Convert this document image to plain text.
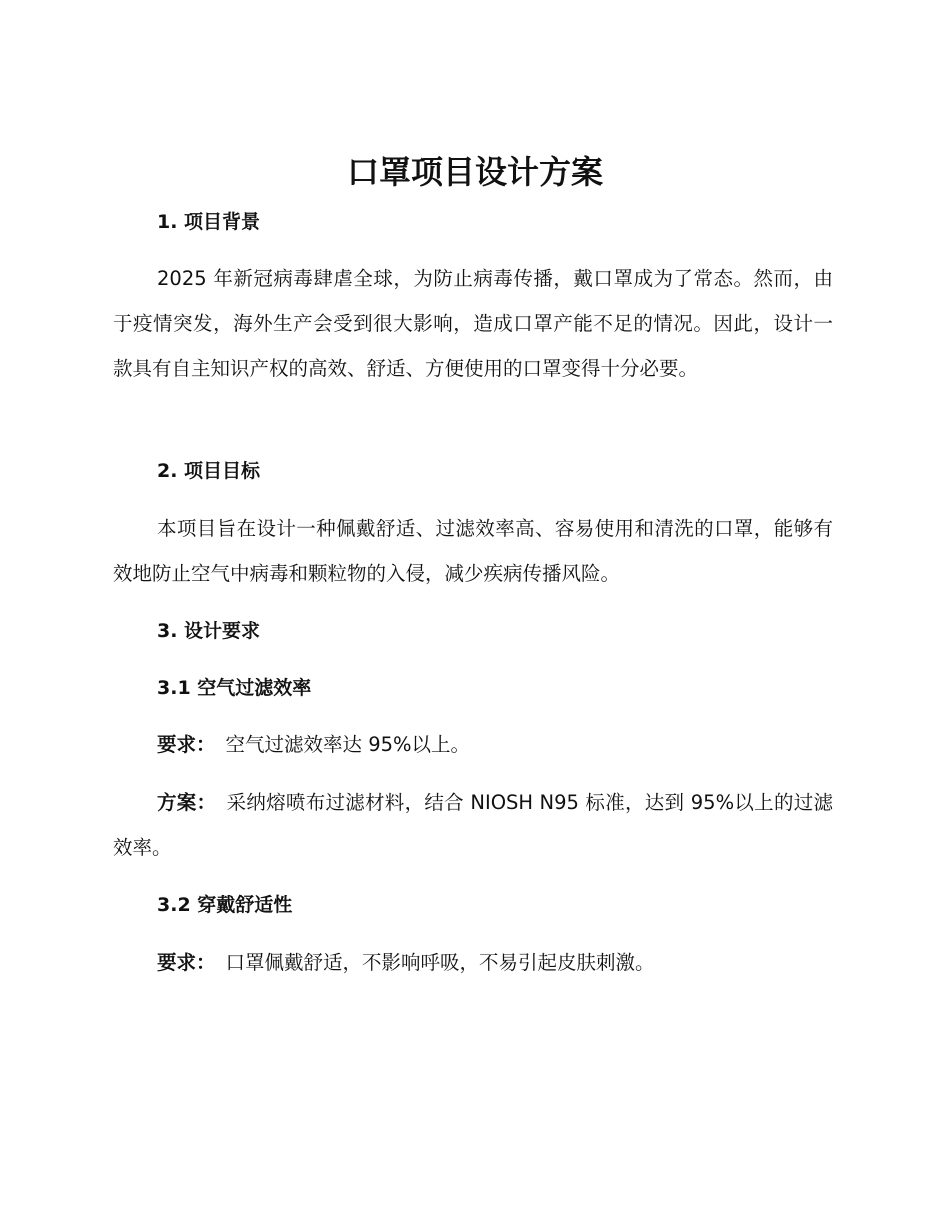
口罩项目设计方案
1. 项目背景

2025 年新冠病毒肆虐全球，为防止病毒传播，戴口罩成为了常态。然而，由于疫情突发，海外生产会受到很大影响，造成口罩产能不足的情况。因此，设计一款具有自主知识产权的高效、舒适、方便使用的口罩变得十分必要。

2. 项目目标

本项目旨在设计一种佩戴舒适、过滤效率高、容易使用和清洗的口罩，能够有效地防止空气中病毒和颗粒物的入侵，减少疾病传播风险。

3. 设计要求
3.1 空气过滤效率

要求： 空气过滤效率达 95%以上。

方案： 采纳熔喷布过滤材料，结合 NIOSH N95 标准，达到 95%以上的过滤效率。

3.2 穿戴舒适性

要求： 口罩佩戴舒适，不影响呼吸，不易引起皮肤刺激。
